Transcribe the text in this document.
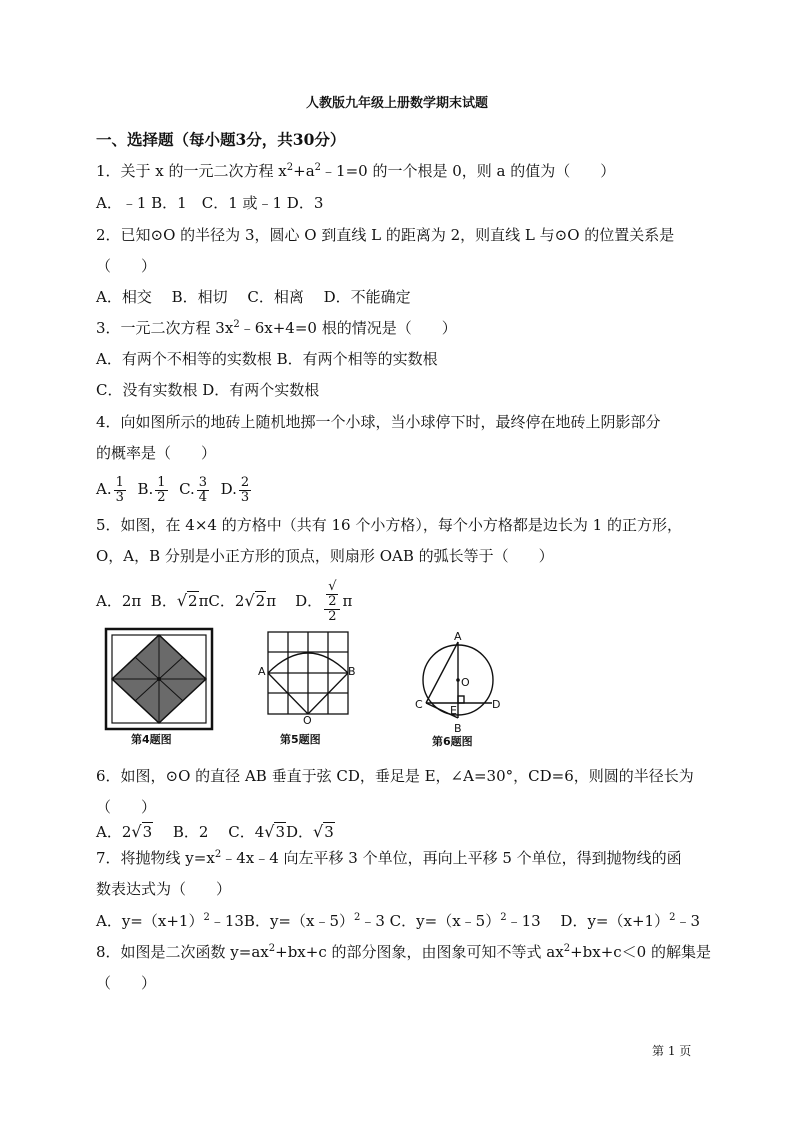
人教版九年级上册数学期末试题
一、选择题（每小题3分，共30分）
1．关于 x 的一元二次方程 $x^2+a^2﹣1=0$ 的一个根是 0，则 a 的值为（　　）
A．﹣1 B．1　C．1 或﹣1 D．3
2．已知⊙O 的半径为 3，圆心 O 到直线 L 的距离为 2，则直线 L 与⊙O 的位置关系是
（　　）
A．相交　 B．相切　 C．相离　 D．不能确定
3．一元二次方程 $3x^2﹣6x+4=0$ 根的情况是（　　）
A．有两个不相等的实数根 B．有两个相等的实数根
C．没有实数根 D．有两个实数根
4．向如图所示的地砖上随机地掷一个小球，当小球停下时，最终停在地砖上阴影部分
的概率是（　　）
A. $\frac{1}{3} B$. $\frac{1}{2} C$. $\frac{3}{4} D$. $\frac{2}{3}$
5．如图，在 4×4 的方格中（共有 16 个小方格），每个小方格都是边长为 1 的正方形，
O，A，B 分别是小正方形的顶点，则扇形 OAB 的弧长等于（　　）
A．2π B．√2πC．2√2π D． √
2
2 π
第4题图
A	B
O
第5题图
A
O
C E	D
B
第6题图
6．如图，⊙O 的直径 AB 垂直于弦 CD，垂足是 E，∠A=30°，CD=6，则圆的半径长为
（　　）
A．2√3　 B．2　 C．4√3D．√3
7．将抛物线 $y=x^2﹣4x﹣4$ 向左平移 3 个单位，再向上平移 5 个单位，得到抛物线的函
数表达式为（　　）
A．$y=(x+1)^2﹣13B$．y=（x﹣5）$^2$﹣3 C．y=（x﹣5）$^2$﹣13　 D．$y=(x+1)^2﹣3$
8．如图是二次函数 $y=ax^2+bx+c$ 的部分图象，由图象可知不等式 $ax^2+bx+c<0$ 的解集是
（　　）
第 1 页
